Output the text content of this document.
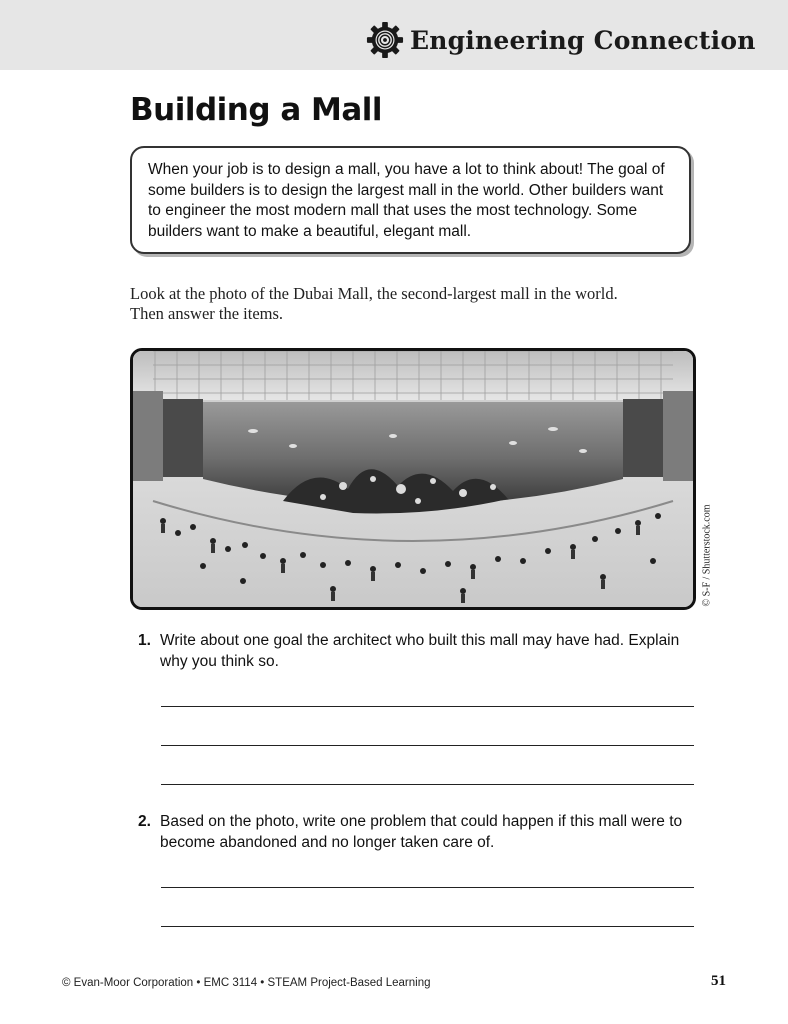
Engineering Connection
Building a Mall

When your job is to design a mall, you have a lot to think about! The goal of some builders is to design the largest mall in the world. Other builders want to engineer the most modern mall that uses the most technology. Some builders want to make a beautiful, elegant mall.

Look at the photo of the Dubai Mall, the second-largest mall in the world. Then answer the items.

© S-F / Shutterstock.com
1. Write about one goal the architect who built this mall may have had. Explain why you think so.

2. Based on the photo, write one problem that could happen if this mall were to become abandoned and no longer taken care of.

© Evan-Moor Corporation • EMC 3114 • STEAM Project-Based Learning	51
